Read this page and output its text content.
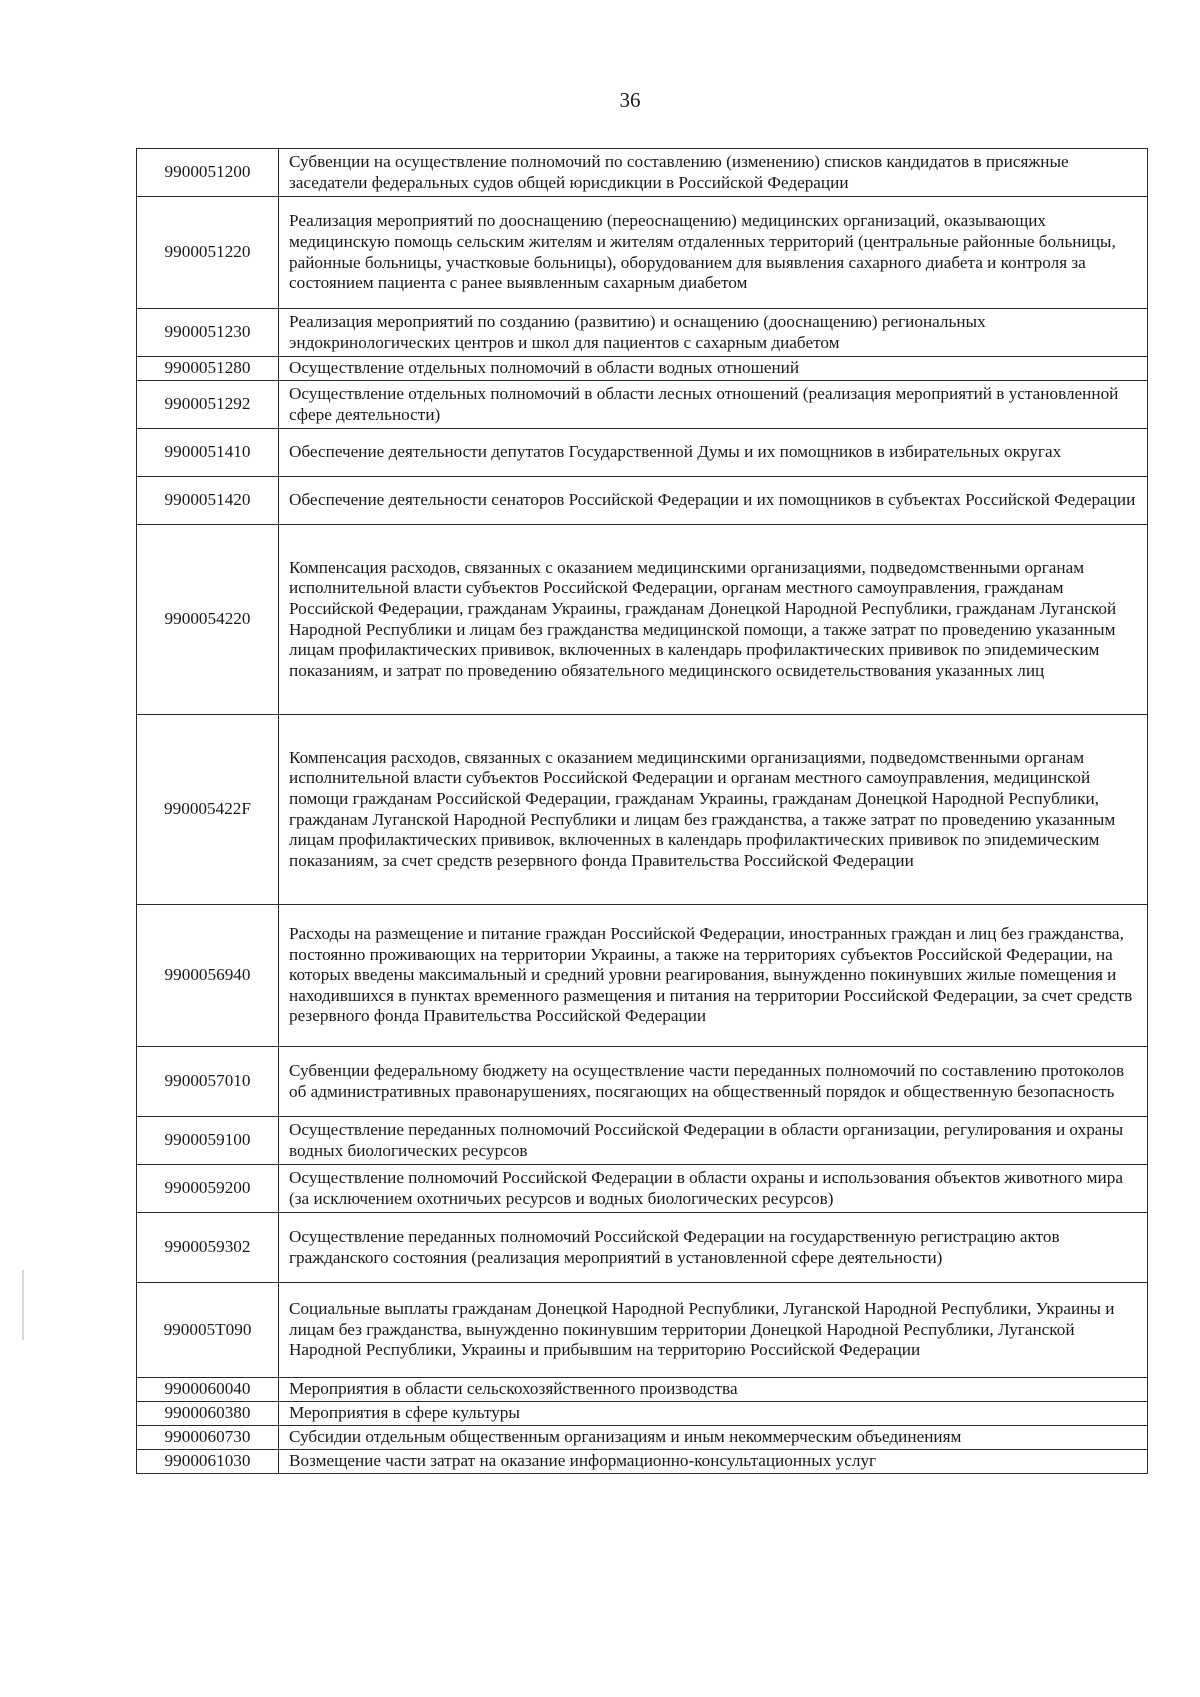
36
9900051200	Субвенции на осуществление полномочий по составлению (изменению) списков кандидатов в присяжные заседатели федеральных судов общей юрисдикции в Российской Федерации
9900051220	Реализация мероприятий по дооснащению (переоснащению) медицинских организаций, оказывающих медицинскую помощь сельским жителям и жителям отдаленных территорий (центральные районные больницы, районные больницы, участковые больницы), оборудованием для выявления сахарного диабета и контроля за состоянием пациента с ранее выявленным сахарным диабетом
9900051230	Реализация мероприятий по созданию (развитию) и оснащению (дооснащению) региональных эндокринологических центров и школ для пациентов с сахарным диабетом
9900051280	Осуществление отдельных полномочий в области водных отношений
9900051292	Осуществление отдельных полномочий в области лесных отношений (реализация мероприятий в установленной сфере деятельности)
9900051410	Обеспечение деятельности депутатов Государственной Думы и их помощников в избирательных округах
9900051420	Обеспечение деятельности сенаторов Российской Федерации и их помощников в субъектах Российской Федерации
9900054220	Компенсация расходов, связанных с оказанием медицинскими организациями, подведомственными органам исполнительной власти субъектов Российской Федерации, органам местного самоуправления, гражданам Российской Федерации, гражданам Украины, гражданам Донецкой Народной Республики, гражданам Луганской Народной Республики и лицам без гражданства медицинской помощи, а также затрат по проведению указанным лицам профилактических прививок, включенных в календарь профилактических прививок по эпидемическим показаниям, и затрат по проведению обязательного медицинского освидетельствования указанных лиц
990005422F	Компенсация расходов, связанных с оказанием медицинскими организациями, подведомственными органам исполнительной власти субъектов Российской Федерации и органам местного самоуправления, медицинской помощи гражданам Российской Федерации, гражданам Украины, гражданам Донецкой Народной Республики, гражданам Луганской Народной Республики и лицам без гражданства, а также затрат по проведению указанным лицам профилактических прививок, включенных в календарь профилактических прививок по эпидемическим показаниям, за счет средств резервного фонда Правительства Российской Федерации
9900056940	Расходы на размещение и питание граждан Российской Федерации, иностранных граждан и лиц без гражданства, постоянно проживающих на территории Украины, а также на территориях субъектов Российской Федерации, на которых введены максимальный и средний уровни реагирования, вынужденно покинувших жилые помещения и находившихся в пунктах временного размещения и питания на территории Российской Федерации, за счет средств резервного фонда Правительства Российской Федерации
9900057010	Субвенции федеральному бюджету на осуществление части переданных полномочий по составлению протоколов об административных правонарушениях, посягающих на общественный порядок и общественную безопасность
9900059100	Осуществление переданных полномочий Российской Федерации в области организации, регулирования и охраны водных биологических ресурсов
9900059200	Осуществление полномочий Российской Федерации в области охраны и использования объектов животного мира (за исключением охотничьих ресурсов и водных биологических ресурсов)
9900059302	Осуществление переданных полномочий Российской Федерации на государственную регистрацию актов гражданского состояния (реализация мероприятий в установленной сфере деятельности)
990005T090	Социальные выплаты гражданам Донецкой Народной Республики, Луганской Народной Республики, Украины и лицам без гражданства, вынужденно покинувшим территории Донецкой Народной Республики, Луганской Народной Республики, Украины и прибывшим на территорию Российской Федерации
9900060040	Мероприятия в области сельскохозяйственного производства
9900060380	Мероприятия в сфере культуры
9900060730	Субсидии отдельным общественным организациям и иным некоммерческим объединениям
9900061030	Возмещение части затрат на оказание информационно-консультационных услуг
